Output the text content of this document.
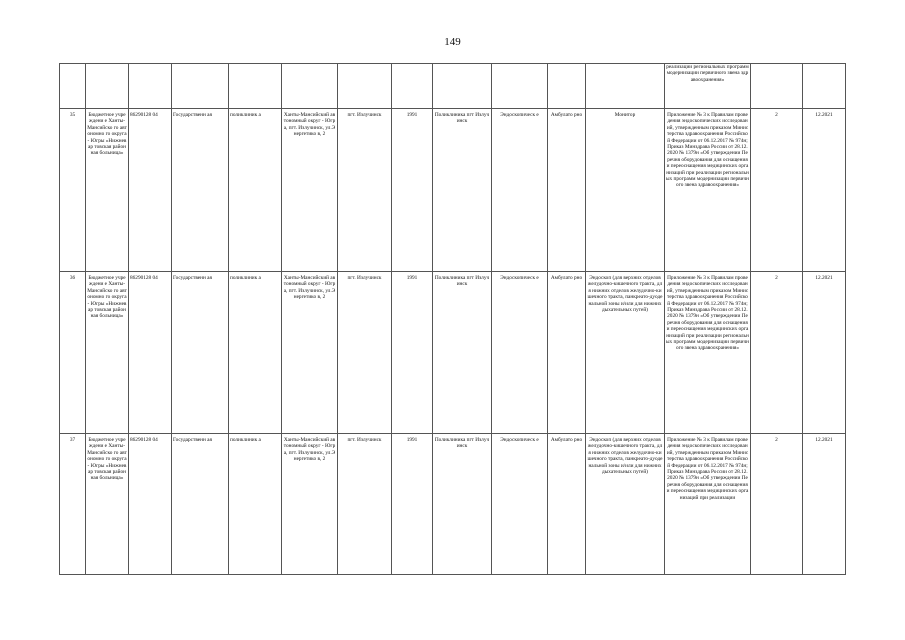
149
												реализации региональных программ модернизации первичного звена здравоохранения»		
35	Бюджетное учреждени е Ханты-Мансийско го автономно го округа - Югры «Нижневар товская районная больница»	86290128 04	Государственн ая	поликлиник а	Ханты-Мансийский автономный округ - Югра, пгт. Излучинск, ул.Энергетико в, 2	пгт. Излучинск	1991	Поликлиника пгт Излучинск	Эндоскопическ е	Амбулато рно	Монитор	Приложение № 3 к Правилам проведения эндоскопических исследований, утвержденным приказом Министерства здравоохранения Российской Федерации от 06.12.2017 № 974н; Приказ Минздрава России от 28.12.2020 № 1379н «Об утверждении Перечня оборудования для оснащения и переоснащения медицинских организаций при реализации региональных программ модернизации первичного звена здравоохранения»	2	12.2021
36	Бюджетное учреждени е Ханты-Мансийско го автономно го округа - Югры «Нижневар товская районная больница»	86290128 04	Государственн ая	поликлиник а	Ханты-Мансийский автономный округ - Югра, пгт. Излучинск, ул.Энергетико в, 2	пгт. Излучинск	1991	Поликлиника пгт Излучинск	Эндоскопическ е	Амбулато рно	Эндоскоп (для верхних отделов желудочно-кишечного тракта, для нижних отделов желудочно-кишечного тракта, панкреато-дуоденальной зоны и/или для нижних дыхательных путей)	Приложение № 3 к Правилам проведения эндоскопических исследований, утвержденным приказом Министерства здравоохранения Российской Федерации от 06.12.2017 № 974н; Приказ Минздрава России от 28.12.2020 № 1379н «Об утверждении Перечня оборудования для оснащения и переоснащения медицинских организаций при реализации региональных программ модернизации первичного звена здравоохранения»	2	12.2021
37	Бюджетное учреждени е Ханты-Мансийско го автономно го округа - Югры «Нижневар товская районная больница»	86290128 04	Государственн ая	поликлиник а	Ханты-Мансийский автономный округ - Югра, пгт. Излучинск, ул.Энергетико в, 2	пгт. Излучинск	1991	Поликлиника пгт Излучинск	Эндоскопическ е	Амбулато рно	Эндоскоп (для верхних отделов желудочно-кишечного тракта, для нижних отделов желудочно-кишечного тракта, панкреато-дуоденальной зоны и/или для нижних дыхательных путей)	Приложение № 3 к Правилам проведения эндоскопических исследований, утвержденным приказом Министерства здравоохранения Российской Федерации от 06.12.2017 № 974н; Приказ Минздрава России от 28.12.2020 № 1379н «Об утверждении Перечня оборудования для оснащения и переоснащения медицинских организаций при реализации	2	12.2021
